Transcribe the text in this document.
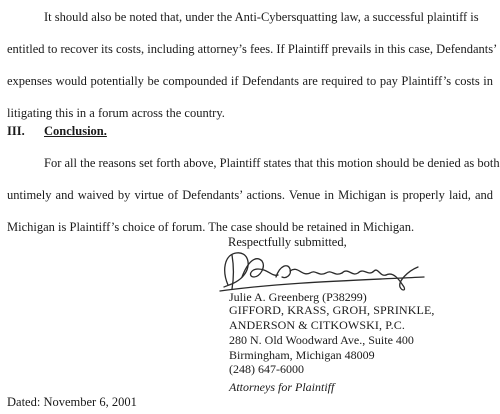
It should also be noted that, under the Anti-Cybersquatting law, a successful plaintiff is
entitled to recover its costs, including attorney’s fees. If Plaintiff prevails in this case, Defendants’
expenses would potentially be compounded if Defendants are required to pay Plaintiff’s costs in
litigating this in a forum across the country.
III. Conclusion.
For all the reasons set forth above, Plaintiff states that this motion should be denied as both
untimely and waived by virtue of Defendants’ actions. Venue in Michigan is properly laid, and
Michigan is Plaintiff’s choice of forum. The case should be retained in Michigan.
Respectfully submitted,
Julie A. Greenberg (P38299)
GIFFORD, KRASS, GROH, SPRINKLE,
ANDERSON & CITKOWSKI, P.C.
280 N. Old Woodward Ave., Suite 400
Birmingham, Michigan 48009
(248) 647-6000
Attorneys for Plaintiff
Dated: November 6, 2001
